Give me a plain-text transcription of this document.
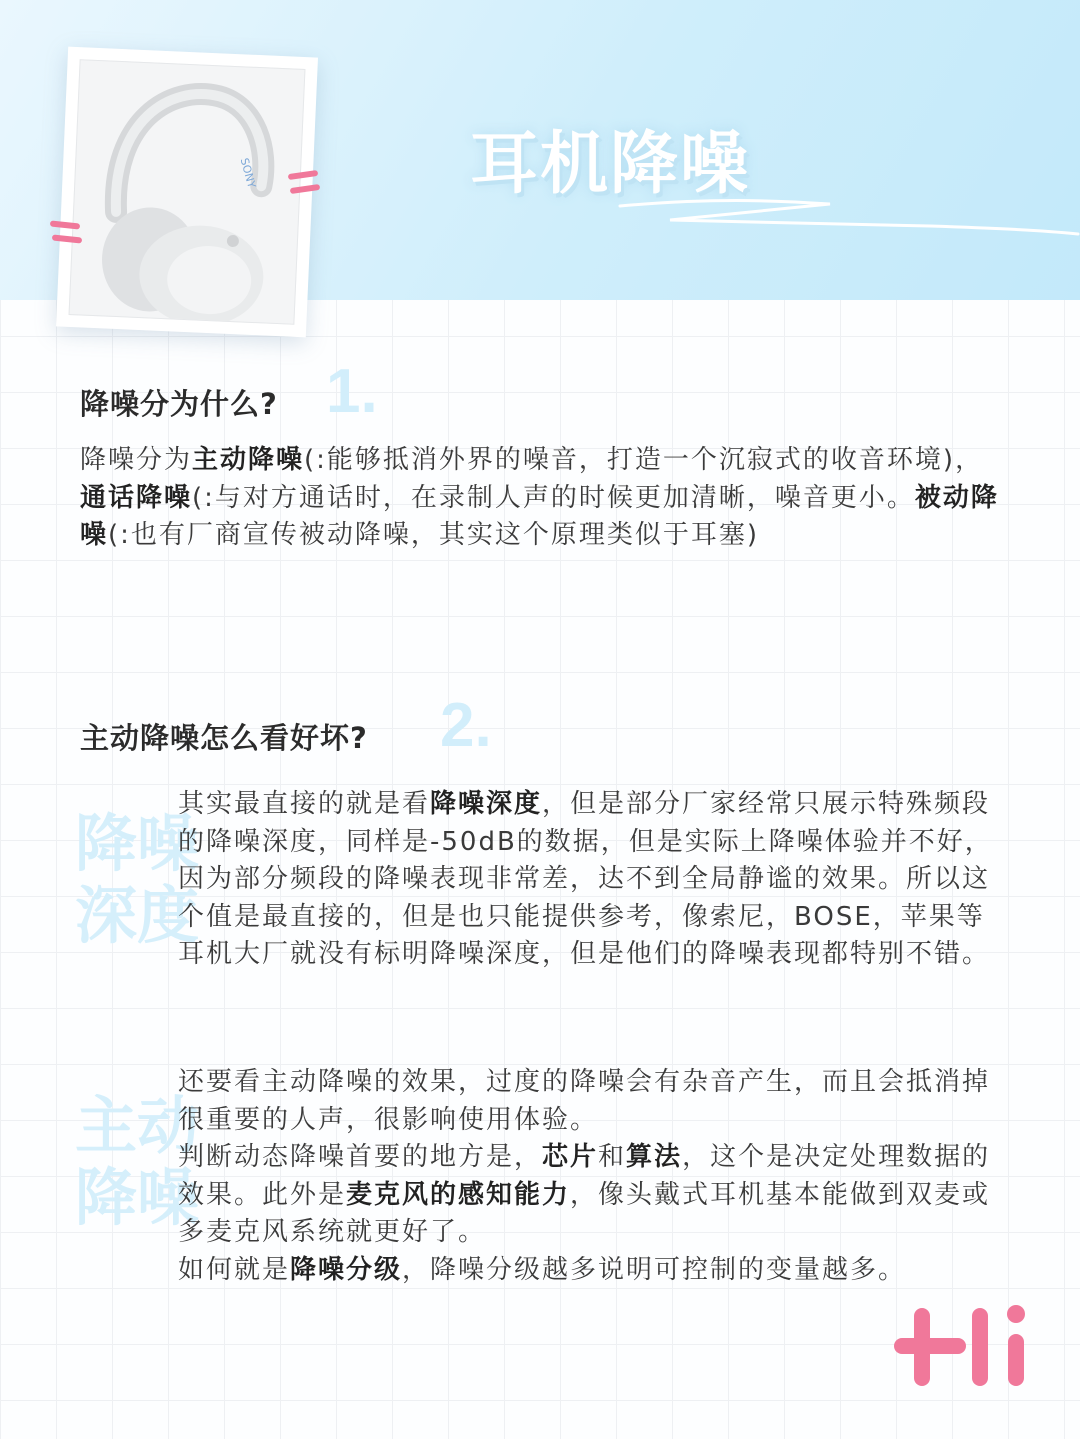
耳机降噪
SONY
降噪分为什么? 1.
降噪分为主动降噪(:能够抵消外界的噪音，打造一个沉寂式的收音环境)，通话降噪(:与对方通话时，在录制人声的时候更加清晰，噪音更小。被动降噪(:也有厂商宣传被动降噪，其实这个原理类似于耳塞)
主动降噪怎么看好坏? 2.
降噪深度
主动降噪
其实最直接的就是看降噪深度，但是部分厂家经常只展示特殊频段的降噪深度，同样是-50dB的数据，但是实际上降噪体验并不好，因为部分频段的降噪表现非常差，达不到全局静谧的效果。所以这个值是最直接的，但是也只能提供参考，像索尼，BOSE，苹果等耳机大厂就没有标明降噪深度，但是他们的降噪表现都特别不错。
还要看主动降噪的效果，过度的降噪会有杂音产生，而且会抵消掉很重要的人声，很影响使用体验。
判断动态降噪首要的地方是，芯片和算法，这个是决定处理数据的效果。此外是麦克风的感知能力，像头戴式耳机基本能做到双麦或多麦克风系统就更好了。
如何就是降噪分级，降噪分级越多说明可控制的变量越多。
